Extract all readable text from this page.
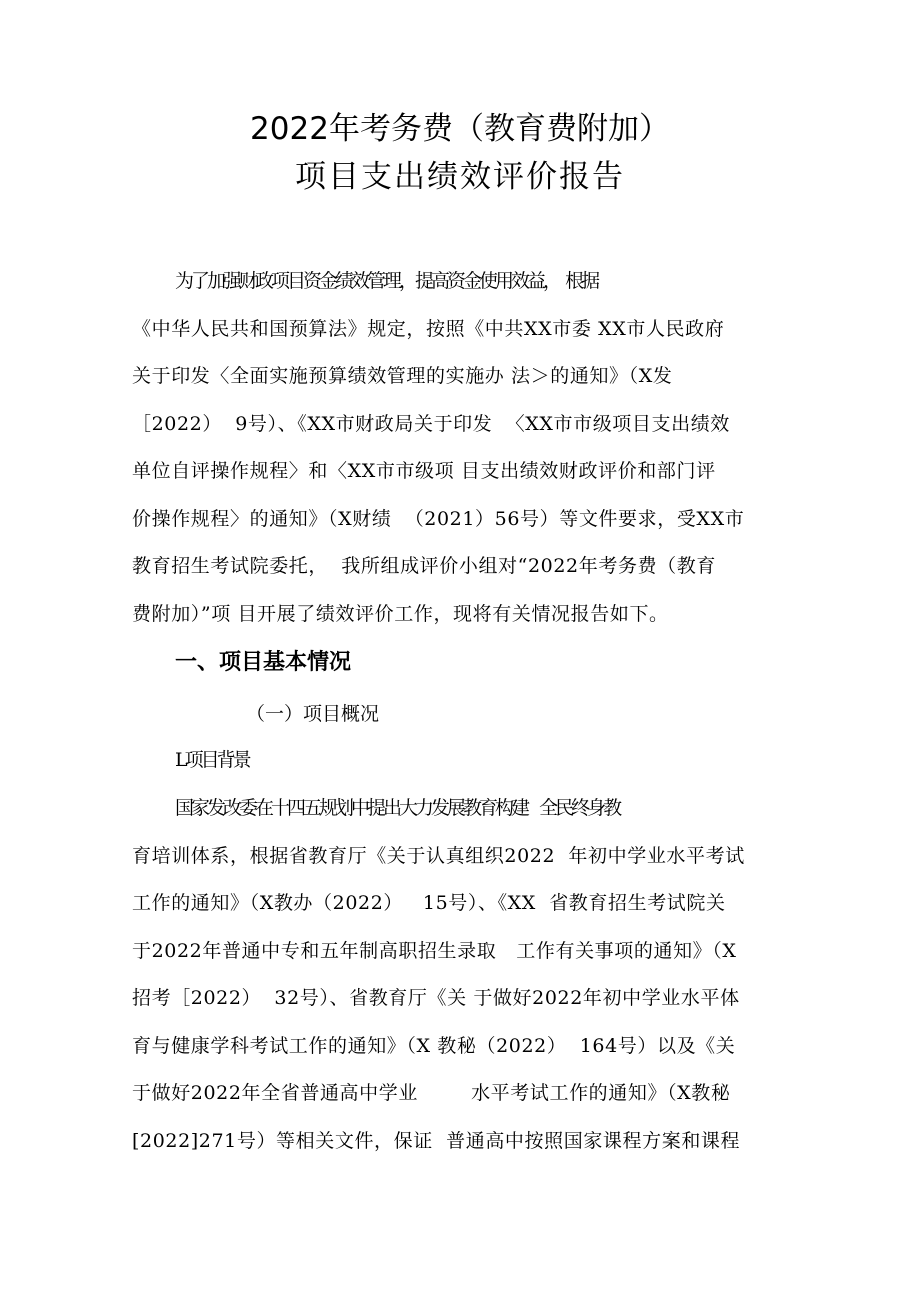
2022年考务费（教育费附加）
项目支出绩效评价报告
为了加强财政项目资金绩效管理，提高资金使用效益，  根据
《中华人民共和国预算法》规定，按照《中共XX市委 XX市人民政府
关于印发〈全面实施预算绩效管理的实施办 法＞的通知》（X发
［2022）  9号）、《XX市财政局关于印发  〈XX市市级项目支出绩效
单位自评操作规程〉和〈XX市市级项 目支出绩效财政评价和部门评
价操作规程〉的通知》（X财绩  （2021）56号）等文件要求，受XX市
教育招生考试院委托，  我所组成评价小组对“2022年考务费（教育
费附加）”项 目开展了绩效评价工作，现将有关情况报告如下。
一、项目基本情况
（一）项目概况
L项目背景
国家发改委在十四五规划中提出大力发展教育构建    全民终身教
育培训体系，根据省教育厅《关于认真组织2022  年初中学业水平考试
工作的通知》（X教办（2022）   15号）、《XX  省教育招生考试院关
于2022年普通中专和五年制高职招生录取   工作有关事项的通知》（X
招考［2022）  32号）、省教育厅《关 于做好2022年初中学业水平体
育与健康学科考试工作的通知》（X 教秘（2022）  164号）以及《关
于做好2022年全省普通高中学业        水平考试工作的通知》（X教秘
[2022]271号）等相关文件，保证  普通高中按照国家课程方案和课程
